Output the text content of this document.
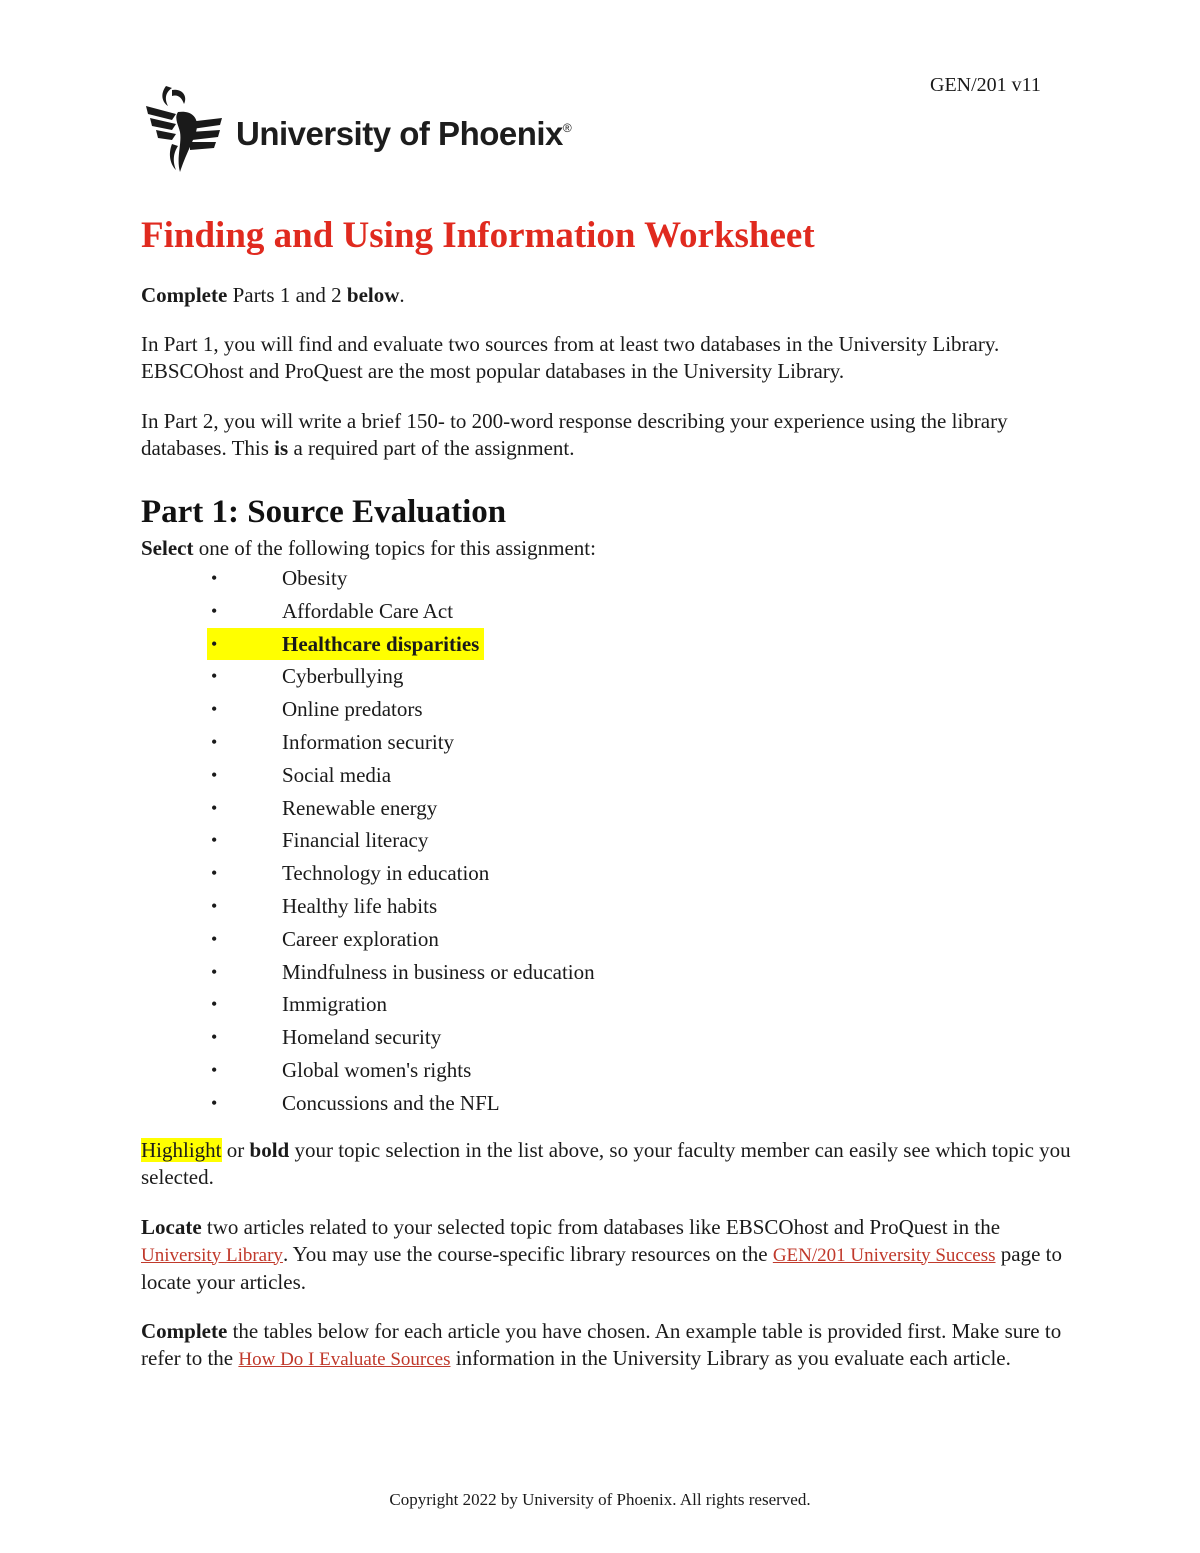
GEN/201 v11
University of Phoenix®
Finding and Using Information Worksheet

Complete Parts 1 and 2 below.

In Part 1, you will find and evaluate two sources from at least two databases in the University Library. EBSCOhost and ProQuest are the most popular databases in the University Library.

In Part 2, you will write a brief 150- to 200-word response describing your experience using the library databases. This is a required part of the assignment.

Part 1: Source Evaluation

Select one of the following topics for this assignment:

•	Obesity
•	Affordable Care Act
•	Healthcare disparities
•	Cyberbullying
•	Online predators
•	Information security
•	Social media
•	Renewable energy
•	Financial literacy
•	Technology in education
•	Healthy life habits
•	Career exploration
•	Mindfulness in business or education
•	Immigration
•	Homeland security
•	Global women's rights
•	Concussions and the NFL

Highlight or bold your topic selection in the list above, so your faculty member can easily see which topic you selected.

Locate two articles related to your selected topic from databases like EBSCOhost and ProQuest in the University Library. You may use the course-specific library resources on the GEN/201 University Success page to locate your articles.

Complete the tables below for each article you have chosen. An example table is provided first. Make sure to refer to the How Do I Evaluate Sources information in the University Library as you evaluate each article.

Copyright 2022 by University of Phoenix. All rights reserved.
